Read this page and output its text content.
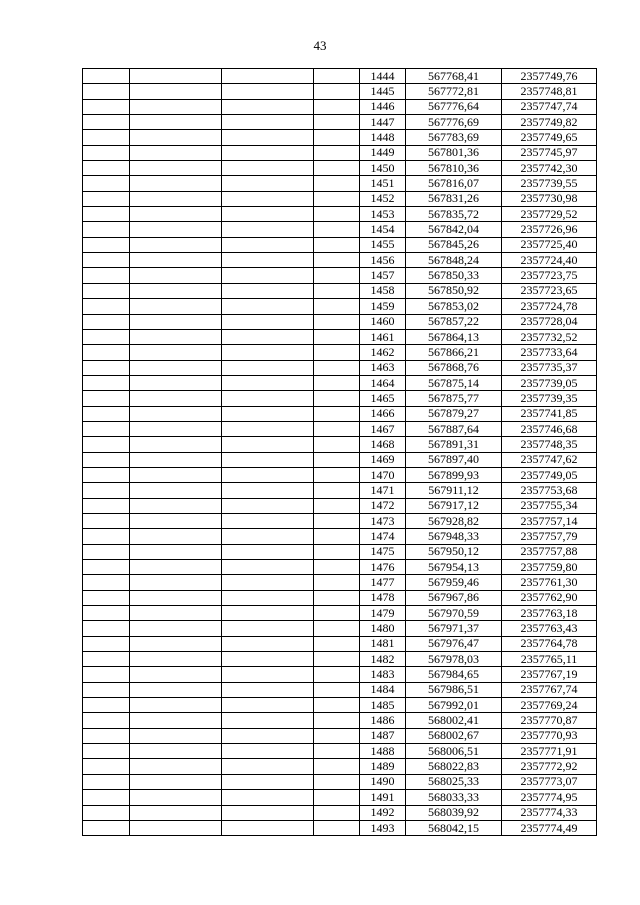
43
				1444	567768,41	2357749,76
				1445	567772,81	2357748,81
				1446	567776,64	2357747,74
				1447	567776,69	2357749,82
				1448	567783,69	2357749,65
				1449	567801,36	2357745,97
				1450	567810,36	2357742,30
				1451	567816,07	2357739,55
				1452	567831,26	2357730,98
				1453	567835,72	2357729,52
				1454	567842,04	2357726,96
				1455	567845,26	2357725,40
				1456	567848,24	2357724,40
				1457	567850,33	2357723,75
				1458	567850,92	2357723,65
				1459	567853,02	2357724,78
				1460	567857,22	2357728,04
				1461	567864,13	2357732,52
				1462	567866,21	2357733,64
				1463	567868,76	2357735,37
				1464	567875,14	2357739,05
				1465	567875,77	2357739,35
				1466	567879,27	2357741,85
				1467	567887,64	2357746,68
				1468	567891,31	2357748,35
				1469	567897,40	2357747,62
				1470	567899,93	2357749,05
				1471	567911,12	2357753,68
				1472	567917,12	2357755,34
				1473	567928,82	2357757,14
				1474	567948,33	2357757,79
				1475	567950,12	2357757,88
				1476	567954,13	2357759,80
				1477	567959,46	2357761,30
				1478	567967,86	2357762,90
				1479	567970,59	2357763,18
				1480	567971,37	2357763,43
				1481	567976,47	2357764,78
				1482	567978,03	2357765,11
				1483	567984,65	2357767,19
				1484	567986,51	2357767,74
				1485	567992,01	2357769,24
				1486	568002,41	2357770,87
				1487	568002,67	2357770,93
				1488	568006,51	2357771,91
				1489	568022,83	2357772,92
				1490	568025,33	2357773,07
				1491	568033,33	2357774,95
				1492	568039,92	2357774,33
				1493	568042,15	2357774,49
